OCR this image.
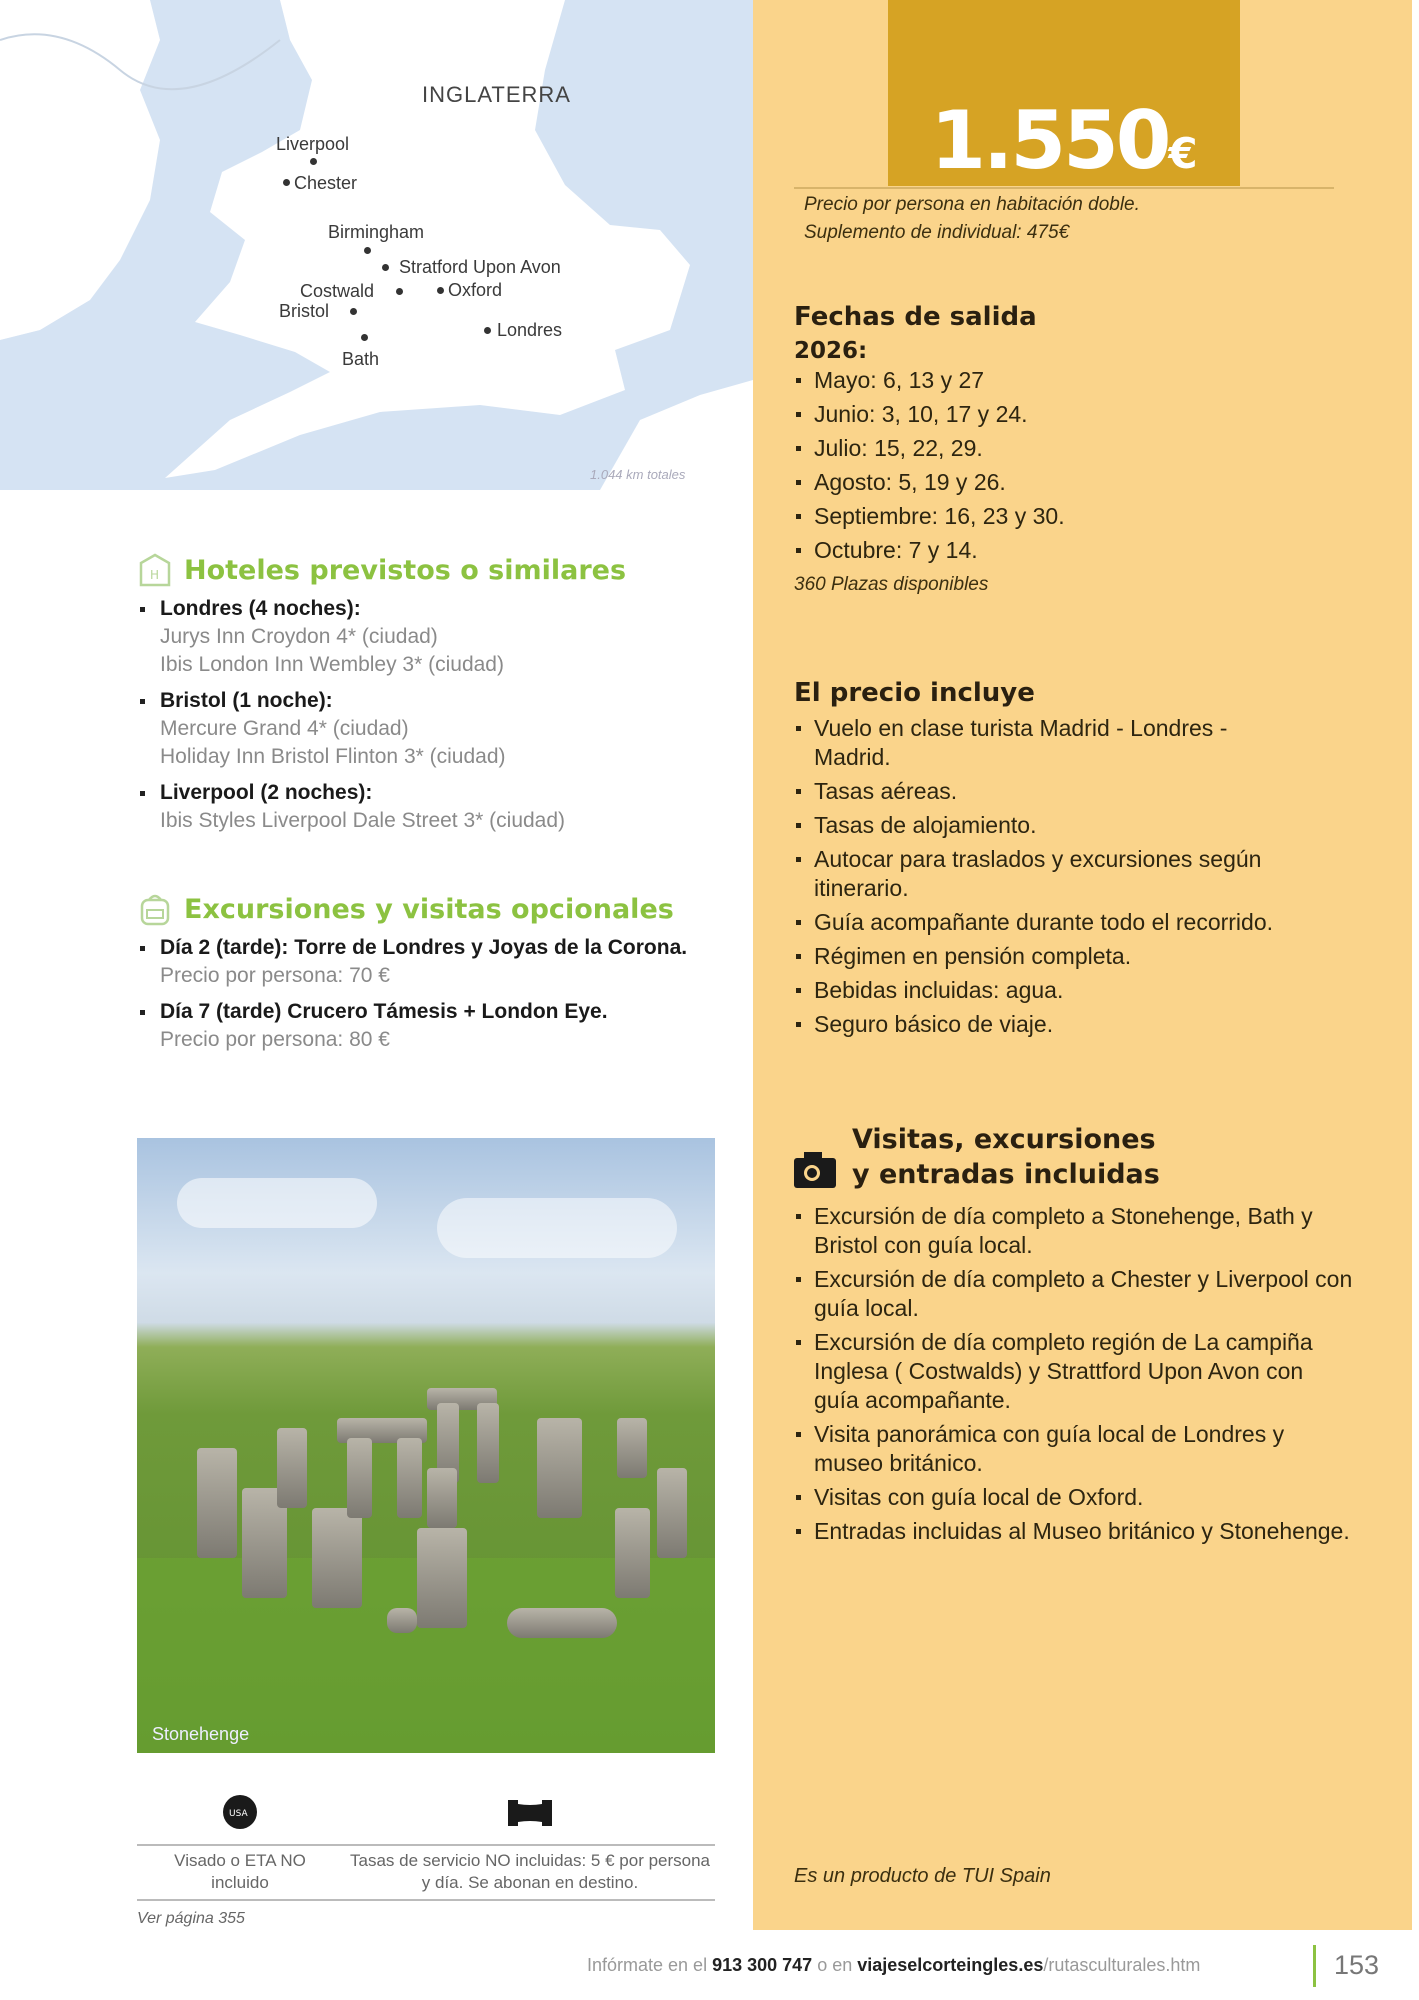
INGLATERRA
Liverpool
Chester
Birmingham
Stratford Upon Avon
Costwald	Oxford
Bristol
Bath
Londres
1.044 km totales
1.550€
Precio por persona en habitación doble.
Suplemento de individual: 475€
Fechas de salida
2026:
Mayo: 6, 13 y 27
Junio: 3, 10, 17 y 24.
Julio: 15, 22, 29.
Agosto: 5, 19 y 26.
Septiembre: 16, 23 y 30.
Octubre: 7 y 14.
360 Plazas disponibles
El precio incluye
Vuelo en clase turista Madrid - Londres - Madrid.
Tasas aéreas.
Tasas de alojamiento.
Autocar para traslados y excursiones según itinerario.
Guía acompañante durante todo el recorrido.
Régimen en pensión completa.
Bebidas incluidas: agua.
Seguro básico de viaje.
Visitas, excursiones
y entradas incluidas
Excursión de día completo a Stonehenge, Bath y Bristol con guía local.
Excursión de día completo a Chester y Liverpool con guía local.
Excursión de día completo región de La campiña Inglesa ( Costwalds) y Strattford Upon Avon con guía acompañante.
Visita panorámica con guía local de Londres y museo británico.
Visitas con guía local de Oxford.
Entradas incluidas al Museo británico y Stonehenge.
Es un producto de TUI Spain
H Hoteles previstos o similares
Londres (4 noches):
Jurys Inn Croydon 4* (ciudad)
Ibis London Inn Wembley 3* (ciudad)
Bristol (1 noche):
Mercure Grand 4* (ciudad)
Holiday Inn Bristol Flinton 3* (ciudad)
Liverpool (2 noches):
Ibis Styles Liverpool Dale Street 3* (ciudad)
Excursiones y visitas opcionales
Día 2 (tarde): Torre de Londres y Joyas de la Corona.
Precio por persona: 70 €
Día 7 (tarde) Crucero Támesis + London Eye.
Precio por persona: 80 €
Stonehenge
USA
Visado o ETA NO incluido
Tasas de servicio NO incluidas: 5 € por persona y día. Se abonan en destino.
Ver página 355
Infórmate en el 913 300 747 o en viajeselcorteingles.es/rutasculturales.htm	153
